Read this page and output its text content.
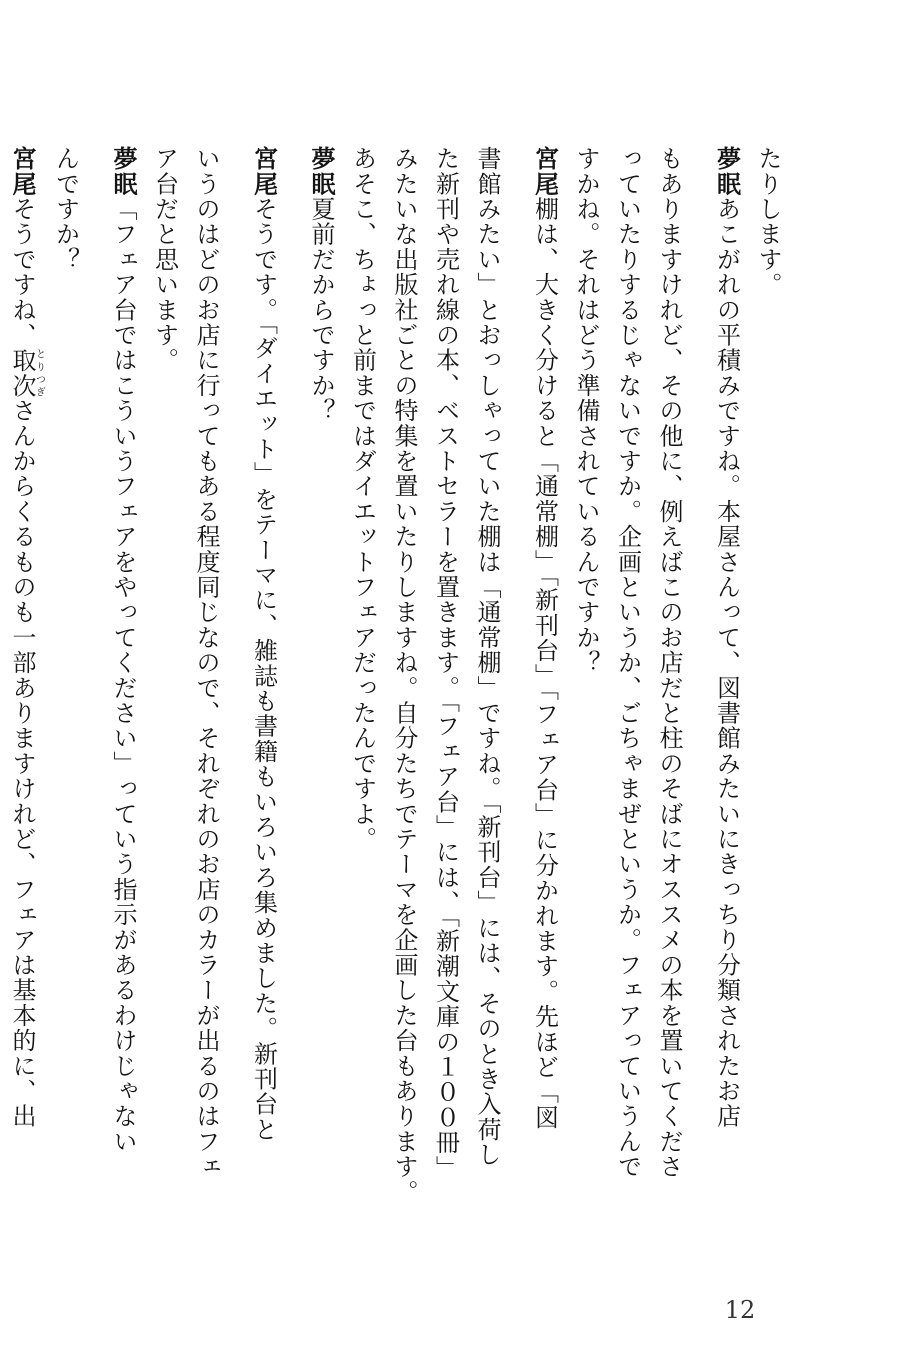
たりします。

夢眠あこがれの平積みですね。本屋さんって、図書館みたいにきっちり分類されたお店

もありますけれど、その他に、例えばこのお店だと柱のそばにオススメの本を置いてくださ

っていたりするじゃないですか。企画というか、ごちゃまぜというか。フェアっていうんで

すかね。それはどう準備されているんですか？

宮尾棚は、大きく分けると「通常棚」「新刊台」「フェア台」に分かれます。先ほど「図

書館みたい」とおっしゃっていた棚は「通常棚」ですね。「新刊台」には、そのとき入荷し

た新刊や売れ線の本、ベストセラーを置きます。「フェア台」には、「新潮文庫の１００冊」

みたいな出版社ごとの特集を置いたりしますね。自分たちでテーマを企画した台もあります。

あそこ、ちょっと前まではダイエットフェアだったんですよ。

夢眠夏前だからですか？

宮尾そうです。「ダイエット」をテーマに、雑誌も書籍もいろいろ集めました。新刊台と

いうのはどのお店に行ってもある程度同じなので、それぞれのお店のカラーが出るのはフェ

ア台だと思います。

夢眠「フェア台ではこういうフェアをやってください」っていう指示があるわけじゃない

んですか？

宮尾そうですね、取次とりつぎさんからくるものも一部ありますけれど、フェアは基本的に、出

12
